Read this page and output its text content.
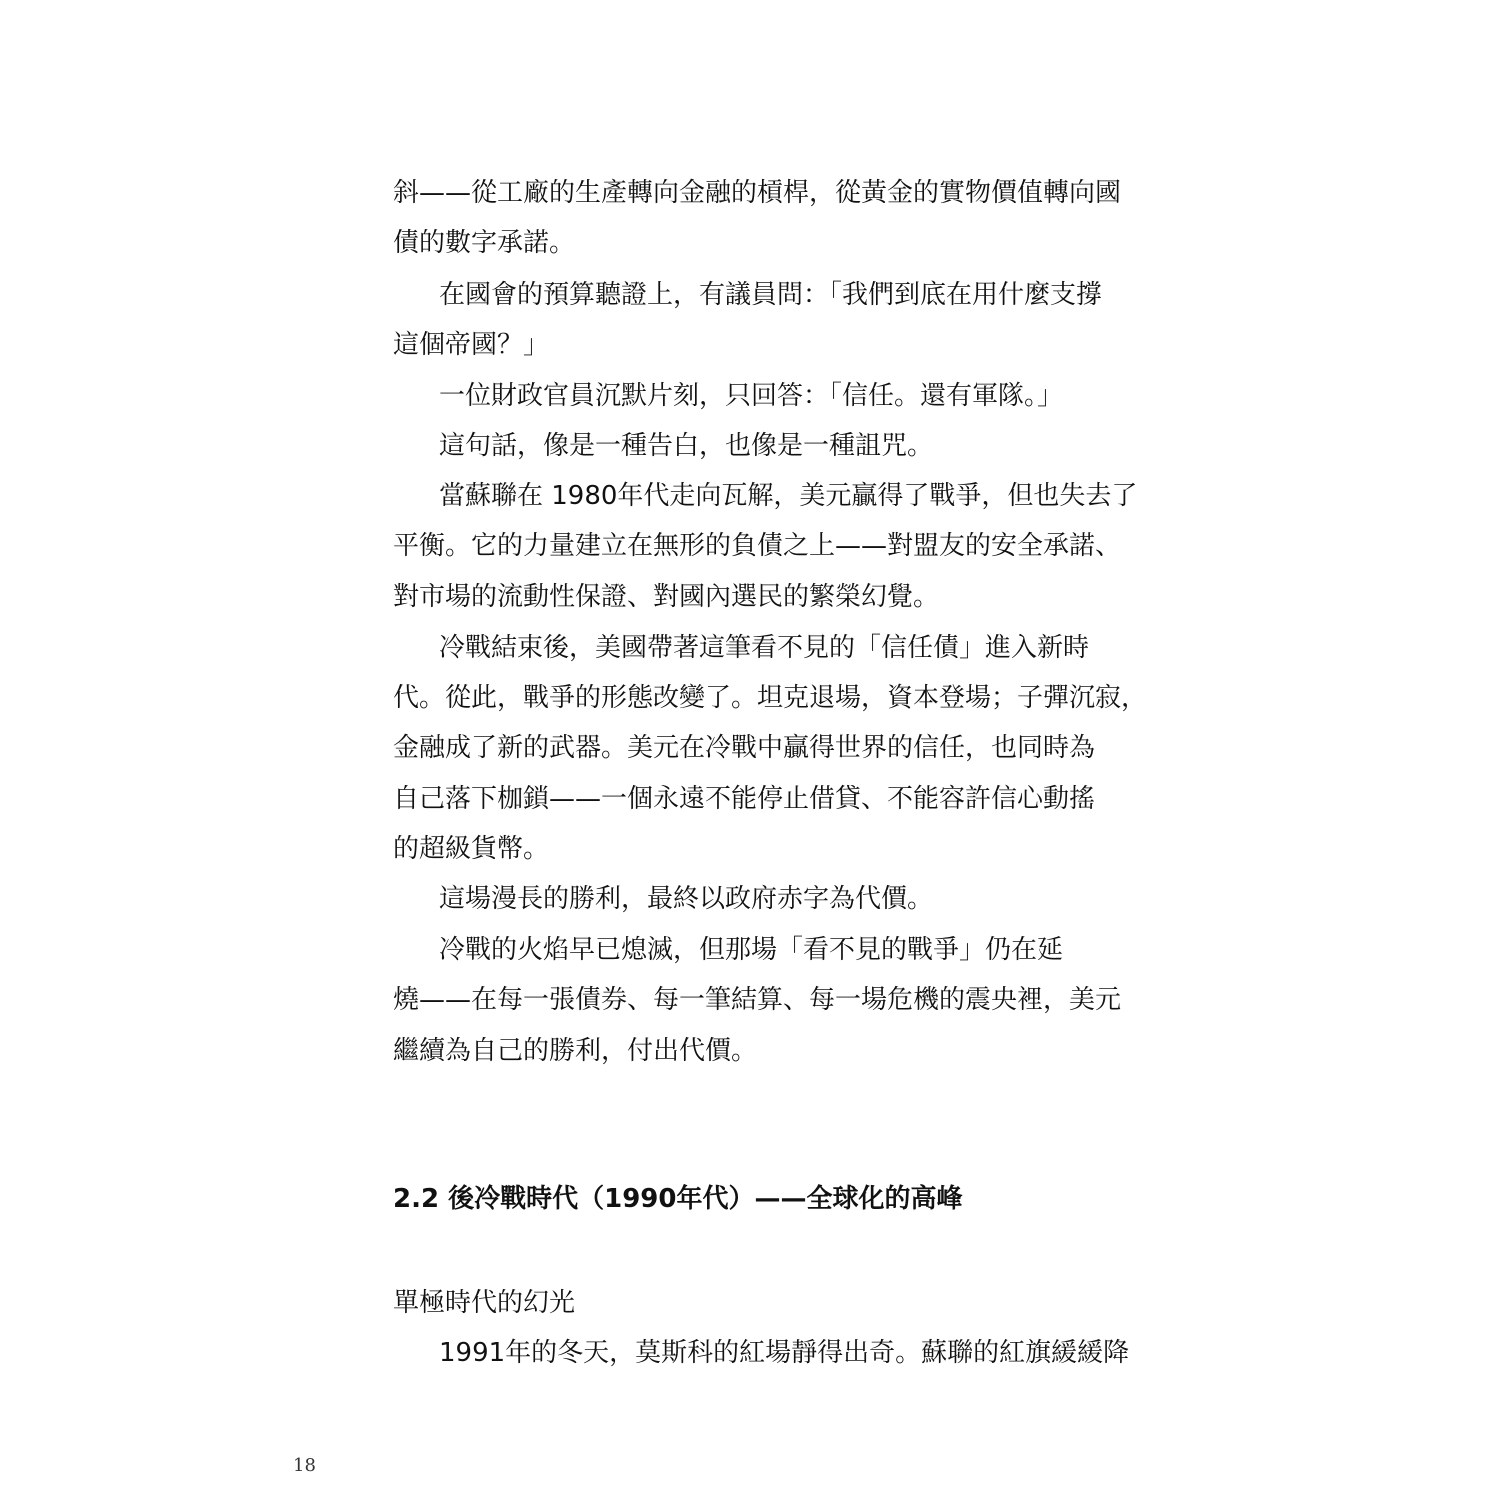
斜——從工廠的生產轉向金融的槓桿，從黃金的實物價值轉向國
債的數字承諾。
在國會的預算聽證上，有議員問：「我們到底在用什麼支撐
這個帝國？」
一位財政官員沉默片刻，只回答：「信任。還有軍隊。」
這句話，像是一種告白，也像是一種詛咒。
當蘇聯在 1980年代走向瓦解，美元贏得了戰爭，但也失去了
平衡。它的力量建立在無形的負債之上——對盟友的安全承諾、
對市場的流動性保證、對國內選民的繁榮幻覺。
冷戰結束後，美國帶著這筆看不見的「信任債」進入新時
代。從此，戰爭的形態改變了。坦克退場，資本登場；子彈沉寂，
金融成了新的武器。美元在冷戰中贏得世界的信任，也同時為
自己落下枷鎖——一個永遠不能停止借貸、不能容許信心動搖
的超級貨幣。
這場漫長的勝利，最終以政府赤字為代價。
冷戰的火焰早已熄滅，但那場「看不見的戰爭」仍在延
燒——在每一張債券、每一筆結算、每一場危機的震央裡，美元
繼續為自己的勝利，付出代價。
2.2 後冷戰時代（1990年代）——全球化的高峰
單極時代的幻光
1991年的冬天，莫斯科的紅場靜得出奇。蘇聯的紅旗緩緩降
18
